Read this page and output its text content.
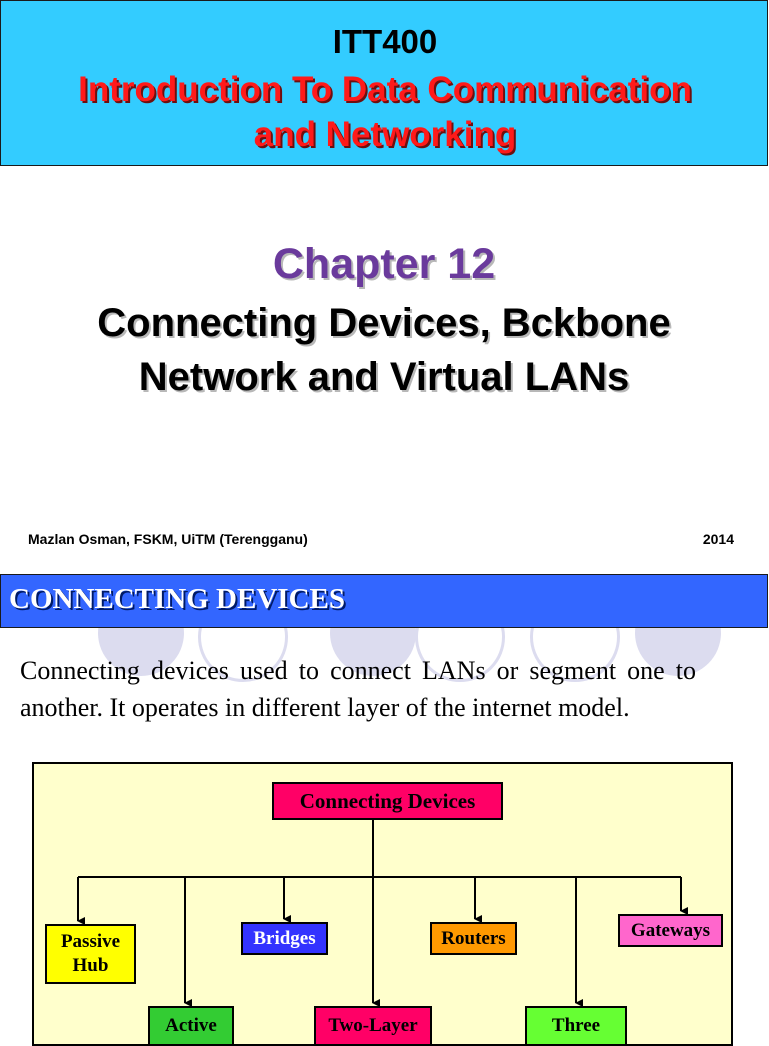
ITT400
Introduction To Data Communication
and Networking
Chapter 12
Connecting Devices, Bckbone
Network and Virtual LANs
Mazlan Osman, FSKM, UiTM (Terengganu)	2014
CONNECTING DEVICES
Connecting devices used to connect LANs or segment one to another. It operates in different layer of the internet model.
Connecting Devices
Passive
Hub
Bridges	Routers	Gateways
Active	Two-Layer	Three
